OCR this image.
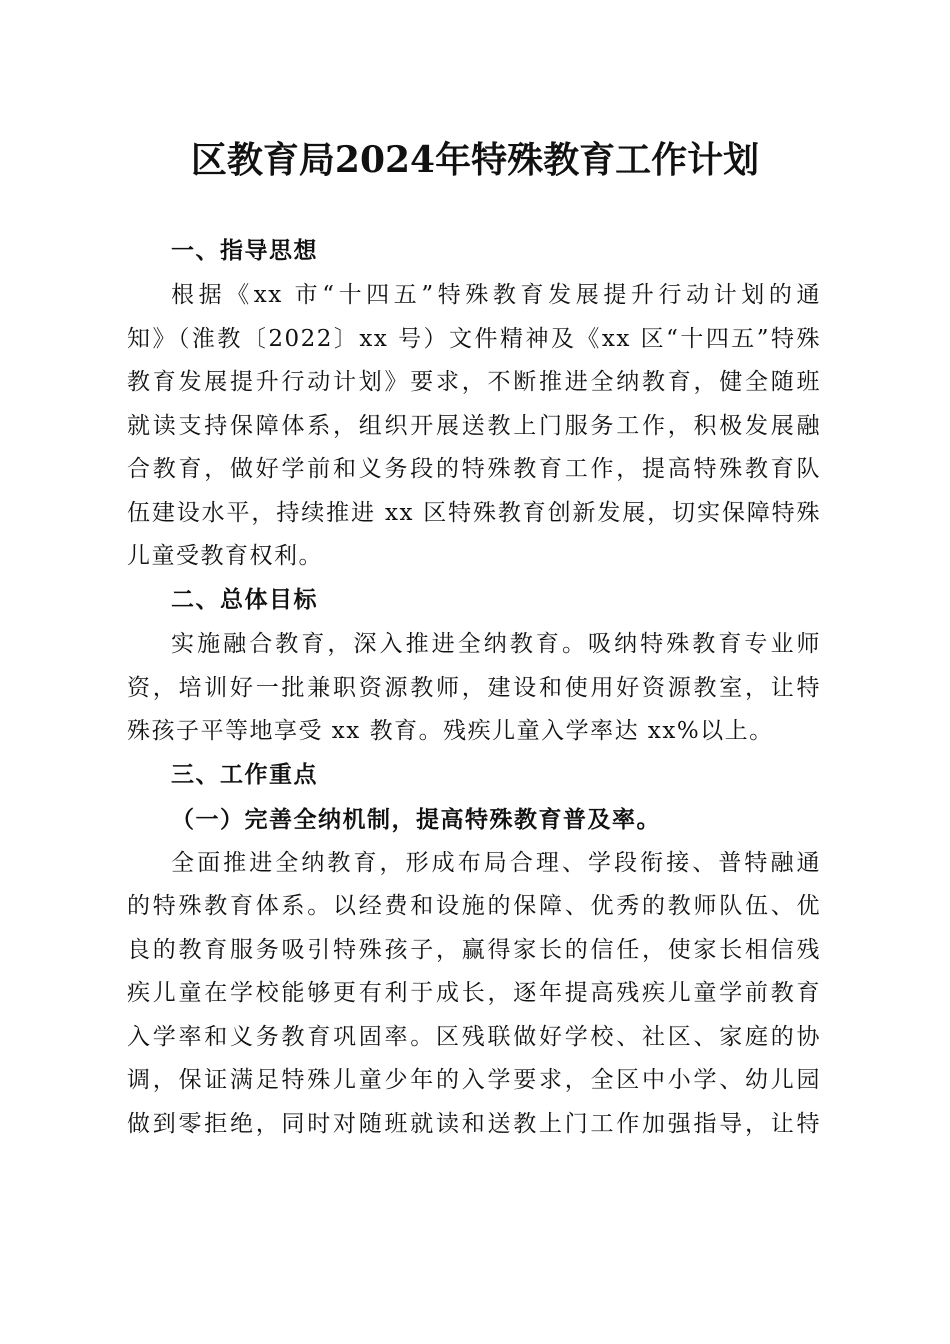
区教育局2024年特殊教育工作计划
一、指导思想
根据《xx 市“十四五”特殊教育发展提升行动计划的通
知》（淮教〔2022〕xx 号）文件精神及《xx 区“十四五”特殊
教育发展提升行动计划》要求，不断推进全纳教育，健全随班
就读支持保障体系，组织开展送教上门服务工作，积极发展融
合教育，做好学前和义务段的特殊教育工作，提高特殊教育队
伍建设水平，持续推进 xx 区特殊教育创新发展，切实保障特殊
儿童受教育权利。
二、总体目标
实施融合教育，深入推进全纳教育。吸纳特殊教育专业师
资，培训好一批兼职资源教师，建设和使用好资源教室，让特
殊孩子平等地享受 xx 教育。残疾儿童入学率达 xx%以上。
三、工作重点
（一）完善全纳机制，提高特殊教育普及率。
全面推进全纳教育，形成布局合理、学段衔接、普特融通
的特殊教育体系。以经费和设施的保障、优秀的教师队伍、优
良的教育服务吸引特殊孩子，赢得家长的信任，使家长相信残
疾儿童在学校能够更有利于成长，逐年提高残疾儿童学前教育
入学率和义务教育巩固率。区残联做好学校、社区、家庭的协
调，保证满足特殊儿童少年的入学要求，全区中小学、幼儿园
做到零拒绝，同时对随班就读和送教上门工作加强指导，让特
